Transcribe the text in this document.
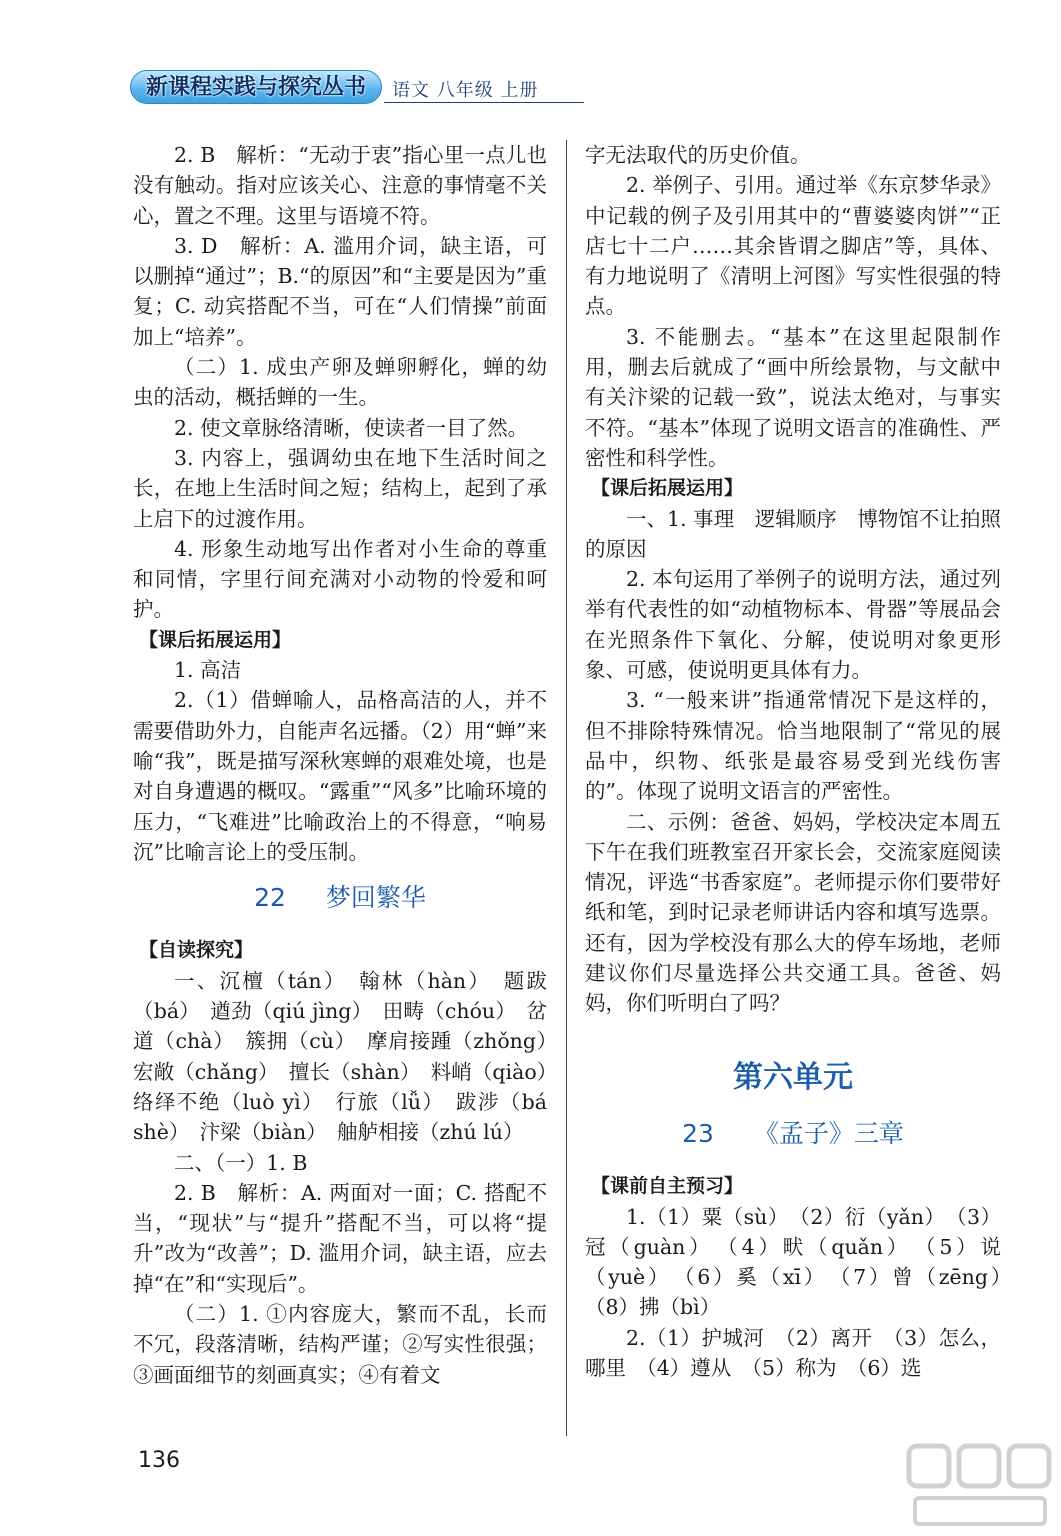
新课程实践与探究丛书	语文 八年级 上册

2. B　解析：“无动于衷”指心里一点儿也没有触动。指对应该关心、注意的事情毫不关心，置之不理。这里与语境不符。

3. D　解析：A. 滥用介词，缺主语，可以删掉“通过”；B.“的原因”和“主要是因为”重复；C. 动宾搭配不当，可在“人们情操”前面加上“培养”。

（二）1. 成虫产卵及蝉卵孵化，蝉的幼虫的活动，概括蝉的一生。

2. 使文章脉络清晰，使读者一目了然。

3. 内容上，强调幼虫在地下生活时间之长，在地上生活时间之短；结构上，起到了承上启下的过渡作用。

4. 形象生动地写出作者对小生命的尊重和同情，字里行间充满对小动物的怜爱和呵护。

【课后拓展运用】

1. 高洁

2.（1）借蝉喻人，品格高洁的人，并不需要借助外力，自能声名远播。（2）用“蝉”来喻“我”，既是描写深秋寒蝉的艰难处境，也是对自身遭遇的概叹。“露重”“风多”比喻环境的压力，“飞难进”比喻政治上的不得意，“响易沉”比喻言论上的受压制。

22 梦回繁华

【自读探究】

一、沉檀（tán）　翰林（hàn）　题跋（bá）　遒劲（qiú jìng）　田畴（chóu）　岔道（chà）　簇拥（cù）　摩肩接踵（zhǒng）　宏敞（chǎng）　擅长（shàn）　料峭（qiào）　络绎不绝（luò yì）　行旅（lǚ）　跋涉（bá shè）　汴梁（biàn）　舳舻相接（zhú lú）

二、（一）1. B

2. B　解析：A. 两面对一面；C. 搭配不当，“现状”与“提升”搭配不当，可以将“提升”改为“改善”；D. 滥用介词，缺主语，应去掉“在”和“实现后”。

（二）1. ①内容庞大，繁而不乱，长而不冗，段落清晰，结构严谨；②写实性很强；③画面细节的刻画真实；④有着文

字无法取代的历史价值。

2. 举例子、引用。通过举《东京梦华录》中记载的例子及引用其中的“曹婆婆肉饼”“正店七十二户……其余皆谓之脚店”等，具体、有力地说明了《清明上河图》写实性很强的特点。

3. 不能删去。“基本”在这里起限制作用，删去后就成了“画中所绘景物，与文献中有关汴梁的记载一致”，说法太绝对，与事实不符。“基本”体现了说明文语言的准确性、严密性和科学性。

【课后拓展运用】

一、1. 事理　逻辑顺序　博物馆不让拍照的原因

2. 本句运用了举例子的说明方法，通过列举有代表性的如“动植物标本、骨器”等展品会在光照条件下氧化、分解，使说明对象更形象、可感，使说明更具体有力。

3. “一般来讲”指通常情况下是这样的，但不排除特殊情况。恰当地限制了“常见的展品中，织物、纸张是最容易受到光线伤害的”。体现了说明文语言的严密性。

二、示例：爸爸、妈妈，学校决定本周五下午在我们班教室召开家长会，交流家庭阅读情况，评选“书香家庭”。老师提示你们要带好纸和笔，到时记录老师讲话内容和填写选票。还有，因为学校没有那么大的停车场地，老师建议你们尽量选择公共交通工具。爸爸、妈妈，你们听明白了吗？

第六单元

23 《孟子》三章

【课前自主预习】

1.（1）粟（sù）　（2）衍（yǎn）　（3）冠（guàn）　（4）畎（quǎn）　（5）说（yuè）　（6）奚（xī）　（7）曾（zēng）　（8）拂（bì）

2.（1）护城河　（2）离开　（3）怎么，哪里　（4）遵从　（5）称为　（6）选

136
